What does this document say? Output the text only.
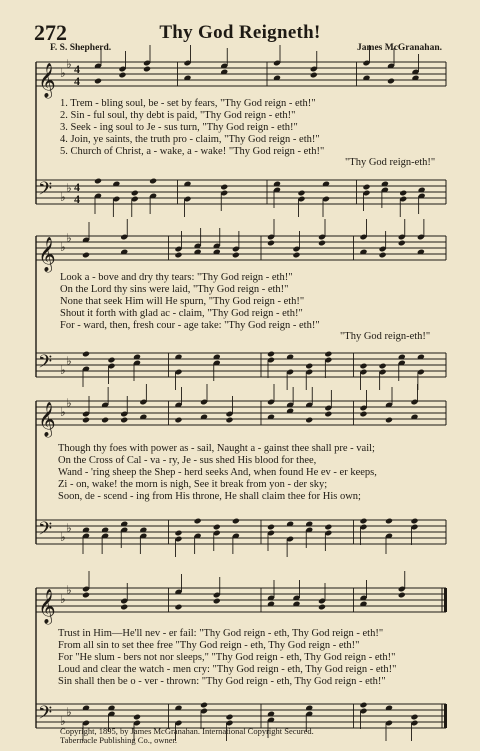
272	Thy God Reigneth!
F. S. Shepherd.	James McGranahan.
𝄞 ♭
♭ 4
4
𝄢 ♭
♭ 4
4
𝄞 ♭
♭
𝄢 ♭
♭
𝄞 ♭
♭
𝄢 ♭
♭
𝄞 ♭
♭
𝄢 ♭
♭
1. Trem - bling soul, be - set by fears, "Thy God reign - eth!"
2. Sin - ful soul, thy debt is paid, "Thy God reign - eth!"
3. Seek - ing soul to Je - sus turn, "Thy God reign - eth!"
4. Join, ye saints, the truth pro - claim, "Thy God reign - eth!"
5. Church of Christ, a - wake, a - wake! "Thy God reign - eth!"
"Thy God reign-eth!"
Look a - bove and dry thy tears: "Thy God reign - eth!"
On the Lord thy sins were laid, "Thy God reign - eth!"
None that seek Him will He spurn, "Thy God reign - eth!"
Shout it forth with glad ac - claim, "Thy God reign - eth!"
For - ward, then, fresh cour - age take: "Thy God reign - eth!"
"Thy God reign-eth!"
Though thy foes with power as - sail, Naught a - gainst thee shall pre - vail;
On the Cross of Cal - va - ry, Je - sus shed His blood for thee,
Wand - 'ring sheep the Shep - herd seeks And, when found He ev - er keeps,
Zi - on, wake! the morn is nigh, See it break from yon - der sky;
Soon, de - scend - ing from His throne, He shall claim thee for His own;
Trust in Him—He'll nev - er fail: "Thy God reign - eth, Thy God reign - eth!"
From all sin to set thee free "Thy God reign - eth, Thy God reign - eth!"
For "He slum - bers not nor sleeps," "Thy God reign - eth, Thy God reign - eth!"
Loud and clear the watch - men cry: "Thy God reign - eth, Thy God reign - eth!"
Sin shall then be o - ver - thrown: "Thy God reign - eth, Thy God reign - eth!"
Copyright, 1895, by James McGranahan. International Copyright Secured.
Tabernacle Publishing Co., owner.
